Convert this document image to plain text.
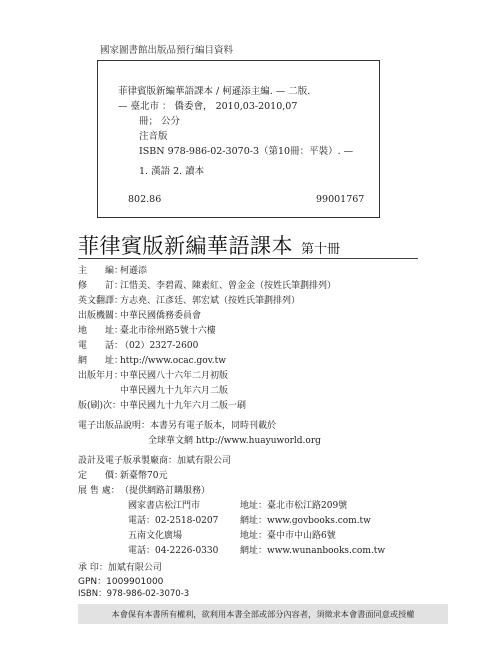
國家圖書館出版品預行編目資料
菲律賓版新編華語課本 / 柯遜添主編. — 二版.
— 臺北市 ： 僑委會， 2010,03-2010,07
冊； 公分
注音版
ISBN 978-986-02-3070-3（第10冊：平裝）. —
1. 漢語 2. 讀本
802.86	99001767
菲律賓版新編華語課本 第十冊
主　　編：柯遜添
修　　訂：江惜美、李碧霞、陳素紅、曾金金（按姓氏筆劃排列）
英文翻譯：方志堯、江彥廷、郭宏斌（按姓氏筆劃排列）
出版機關：中華民國僑務委員會
地　　址：臺北市徐州路5號十六樓
電　　話：（02）2327-2600
網　　址：http://www.ocac.gov.tw
出版年月：中華民國八十六年二月初版
中華民國九十九年六月二版
版(刷)次：中華民國九十九年六月二版一刷
電子出版品說明：本書另有電子版本，同時刊載於
全球華文網 http://www.huayuworld.org
設計及電子版承製廠商：加斌有限公司
定　　價：新臺幣70元
展 售 處：（提供網路訂購服務）
國家書店松江門市	地址：臺北市松江路209號
電話：02-2518-0207 網址：www.govbooks.com.tw
五南文化廣場	地址：臺中市中山路6號
電話：04-2226-0330 網址：www.wunanbooks.com.tw
承 印：加斌有限公司
GPN：1009901000
ISBN：978-986-02-3070-3
本會保有本書所有權利，欲利用本書全部或部分內容者，須徵求本會書面同意或授權
